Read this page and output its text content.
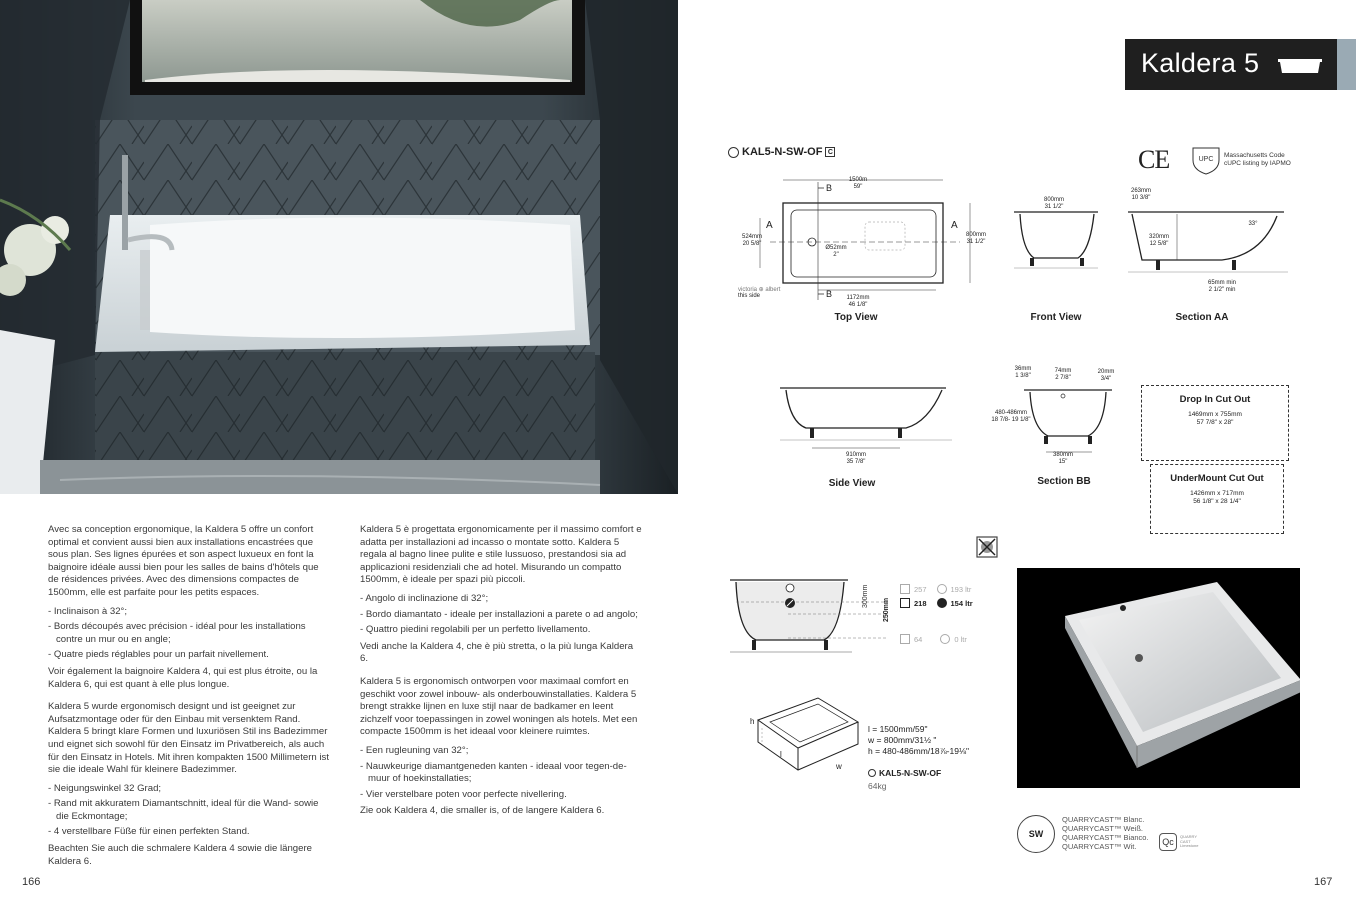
Avec sa conception ergonomique, la Kaldera 5 offre un confort optimal et convient aussi bien aux installations encastrées que sous plan. Ses lignes épurées et son aspect luxueux en font la baignoire idéale aussi bien pour les salles de bains d'hôtels que de résidences privées. Avec des dimensions compactes de 1500mm, elle est parfaite pour les petits espaces.

- Inclinaison à 32°;
- Bords découpés avec précision - idéal pour les installations contre un mur ou en angle;
- Quatre pieds réglables pour un parfait nivellement.

Voir également la baignoire Kaldera 4, qui est plus étroite, ou la Kaldera 6, qui est quant à elle plus longue.

Kaldera 5 wurde ergonomisch designt und ist geeignet zur Aufsatzmontage oder für den Einbau mit versenktem Rand. Kaldera 5 bringt klare Formen und luxuriösen Stil ins Badezimmer und eignet sich sowohl für den Einsatz im Privatbereich, als auch für den Einsatz in Hotels. Mit ihren kompakten 1500 Millimetern ist sie die ideale Wahl für kleinere Badezimmer.

- Neigungswinkel 32 Grad;
- Rand mit akkuratem Diamantschnitt, ideal für die Wand- sowie die Eckmontage;
- 4 verstellbare Füße für einen perfekten Stand.

Beachten Sie auch die schmalere Kaldera 4 sowie die längere Kaldera 6.

Kaldera 5 è progettata ergonomicamente per il massimo comfort e adatta per installazioni ad incasso o montate sotto. Kaldera 5 regala al bagno linee pulite e stile lussuoso, prestandosi sia ad applicazioni residenziali che ad hotel. Misurando un compatto 1500mm, è ideale per spazi più piccoli.

- Angolo di inclinazione di 32°;
- Bordo diamantato - ideale per installazioni a parete o ad angolo;
- Quattro piedini regolabili per un perfetto livellamento.

Vedi anche la Kaldera 4, che è più stretta, o la più lunga Kaldera 6.

Kaldera 5 is ergonomisch ontworpen voor maximaal comfort en geschikt voor zowel inbouw- als onderbouwinstallaties. Kaldera 5 brengt strakke lijnen en luxe stijl naar de badkamer en leent zichzelf voor toepassingen in zowel woningen als hotels. Met een compacte 1500mm is het ideaal voor kleinere ruimtes.

- Een rugleuning van 32°;
- Nauwkeurige diamantgeneden kanten - ideaal voor tegen-de-muur of hoekinstallaties;
- Vier verstelbare poten voor perfecte nivellering.

Zie ook Kaldera 4, die smaller is, of de langere Kaldera 6.

166	167
Kaldera 5
KAL5-N-SW-OF C	CE	UPC
Massachusetts Code
cUPC listing by IAPMO
1500m
59"
524mm
20 5/8"
800mm
31 1/2"
Ø52mm
2"
1172mm
46 1/8"
A	A
B
B
victoria ⊕ albert
this side
Top View
800mm
31 1/2"
Front View
263mm
10 3/8"
33°
320mm
12 5/8"
65mm min
2 1/2" min
Section AA
910mm
35 7/8"
Side View
36mm
1 3/8"
74mm
2 7/8"
20mm
3/4"
480-486mm
18 7/8- 19 1/8"
380mm
15"
Section BB
Drop In Cut Out
1469mm x 755mm
57 7/8" x 28"
UnderMount Cut Out
1426mm x 717mm
56 1/8" x 28 1/4"
300mm
250mm
257	193 ltr
218	154 ltr
64	0 ltr
h
l
w
l = 1500mm/59"
w = 800mm/31½ "
h = 480-486mm/18⅞-19⅛"
KAL5-N-SW-OF
64kg
SW
QUARRYCAST™ Blanc.
QUARRYCAST™ Weiß.
QUARRYCAST™ Bianco.
QUARRYCAST™ Wit.	Qc
QUARRY
CAST
Limestone
